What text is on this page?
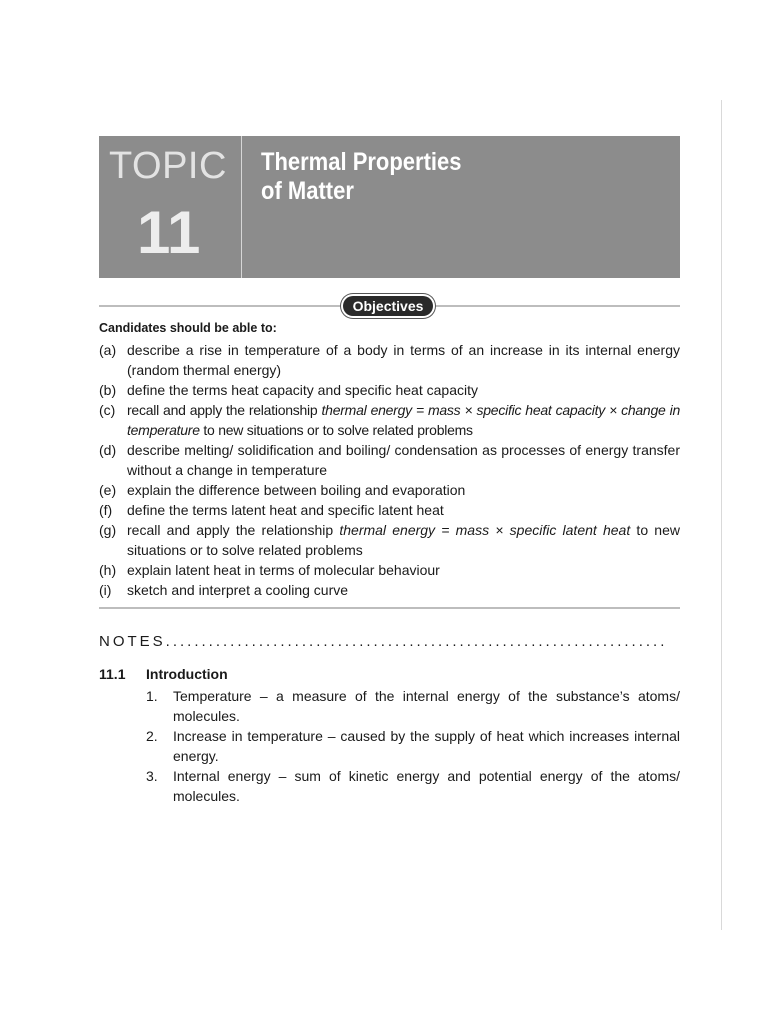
TOPIC
11
Thermal Properties
of Matter
Objectives
Candidates should be able to:
(a) describe a rise in temperature of a body in terms of an increase in its internal energy (random thermal energy)
(b) define the terms heat capacity and specific heat capacity
(c) recall and apply the relationship thermal energy = mass × specific heat capacity × change in temperature to new situations or to solve related problems
(d) describe melting/ solidification and boiling/ condensation as processes of energy transfer without a change in temperature
(e) explain the difference between boiling and evaporation
(f) define the terms latent heat and specific latent heat
(g) recall and apply the relationship thermal energy = mass × specific latent heat to new situations or to solve related problems
(h) explain latent heat in terms of molecular behaviour
(i) sketch and interpret a cooling curve
NOTES......................................................................
11.1 Introduction
1. Temperature – a measure of the internal energy of the substance’s atoms/ molecules.
2. Increase in temperature – caused by the supply of heat which increases internal energy.
3. Internal energy – sum of kinetic energy and potential energy of the atoms/ molecules.
